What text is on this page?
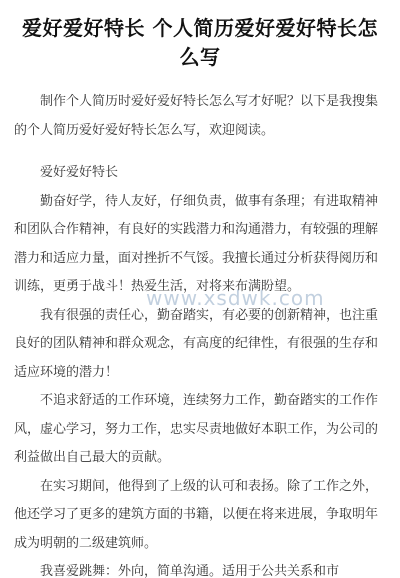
爱好爱好特长 个人简历爱好爱好特长怎么写

制作个人简历时爱好爱好特长怎么写才好呢？以下是我搜集的个人简历爱好爱好特长怎么写，欢迎阅读。

爱好爱好特长

勤奋好学，待人友好，仔细负责，做事有条理；有进取精神和团队合作精神，有良好的实践潜力和沟通潜力，有较强的理解潜力和适应力量，面对挫折不气馁。我擅长通过分析获得阅历和训练，更勇于战斗！热爱生活，对将来布满盼望。

我有很强的责任心，勤奋踏实，有必要的创新精神，也注重良好的团队精神和群众观念，有高度的纪律性，有很强的生存和适应环境的潜力！

不追求舒适的工作环境，连续努力工作，勤奋踏实的工作作风，虚心学习，努力工作，忠实尽责地做好本职工作，为公司的利益做出自己最大的贡献。

在实习期间，他得到了上级的认可和表扬。除了工作之外，他还学习了更多的建筑方面的书籍，以便在将来进展，争取明年成为明朝的二级建筑师。

我喜爱跳舞：外向，简单沟通。适用于公共关系和市

www.xsdwk.com
